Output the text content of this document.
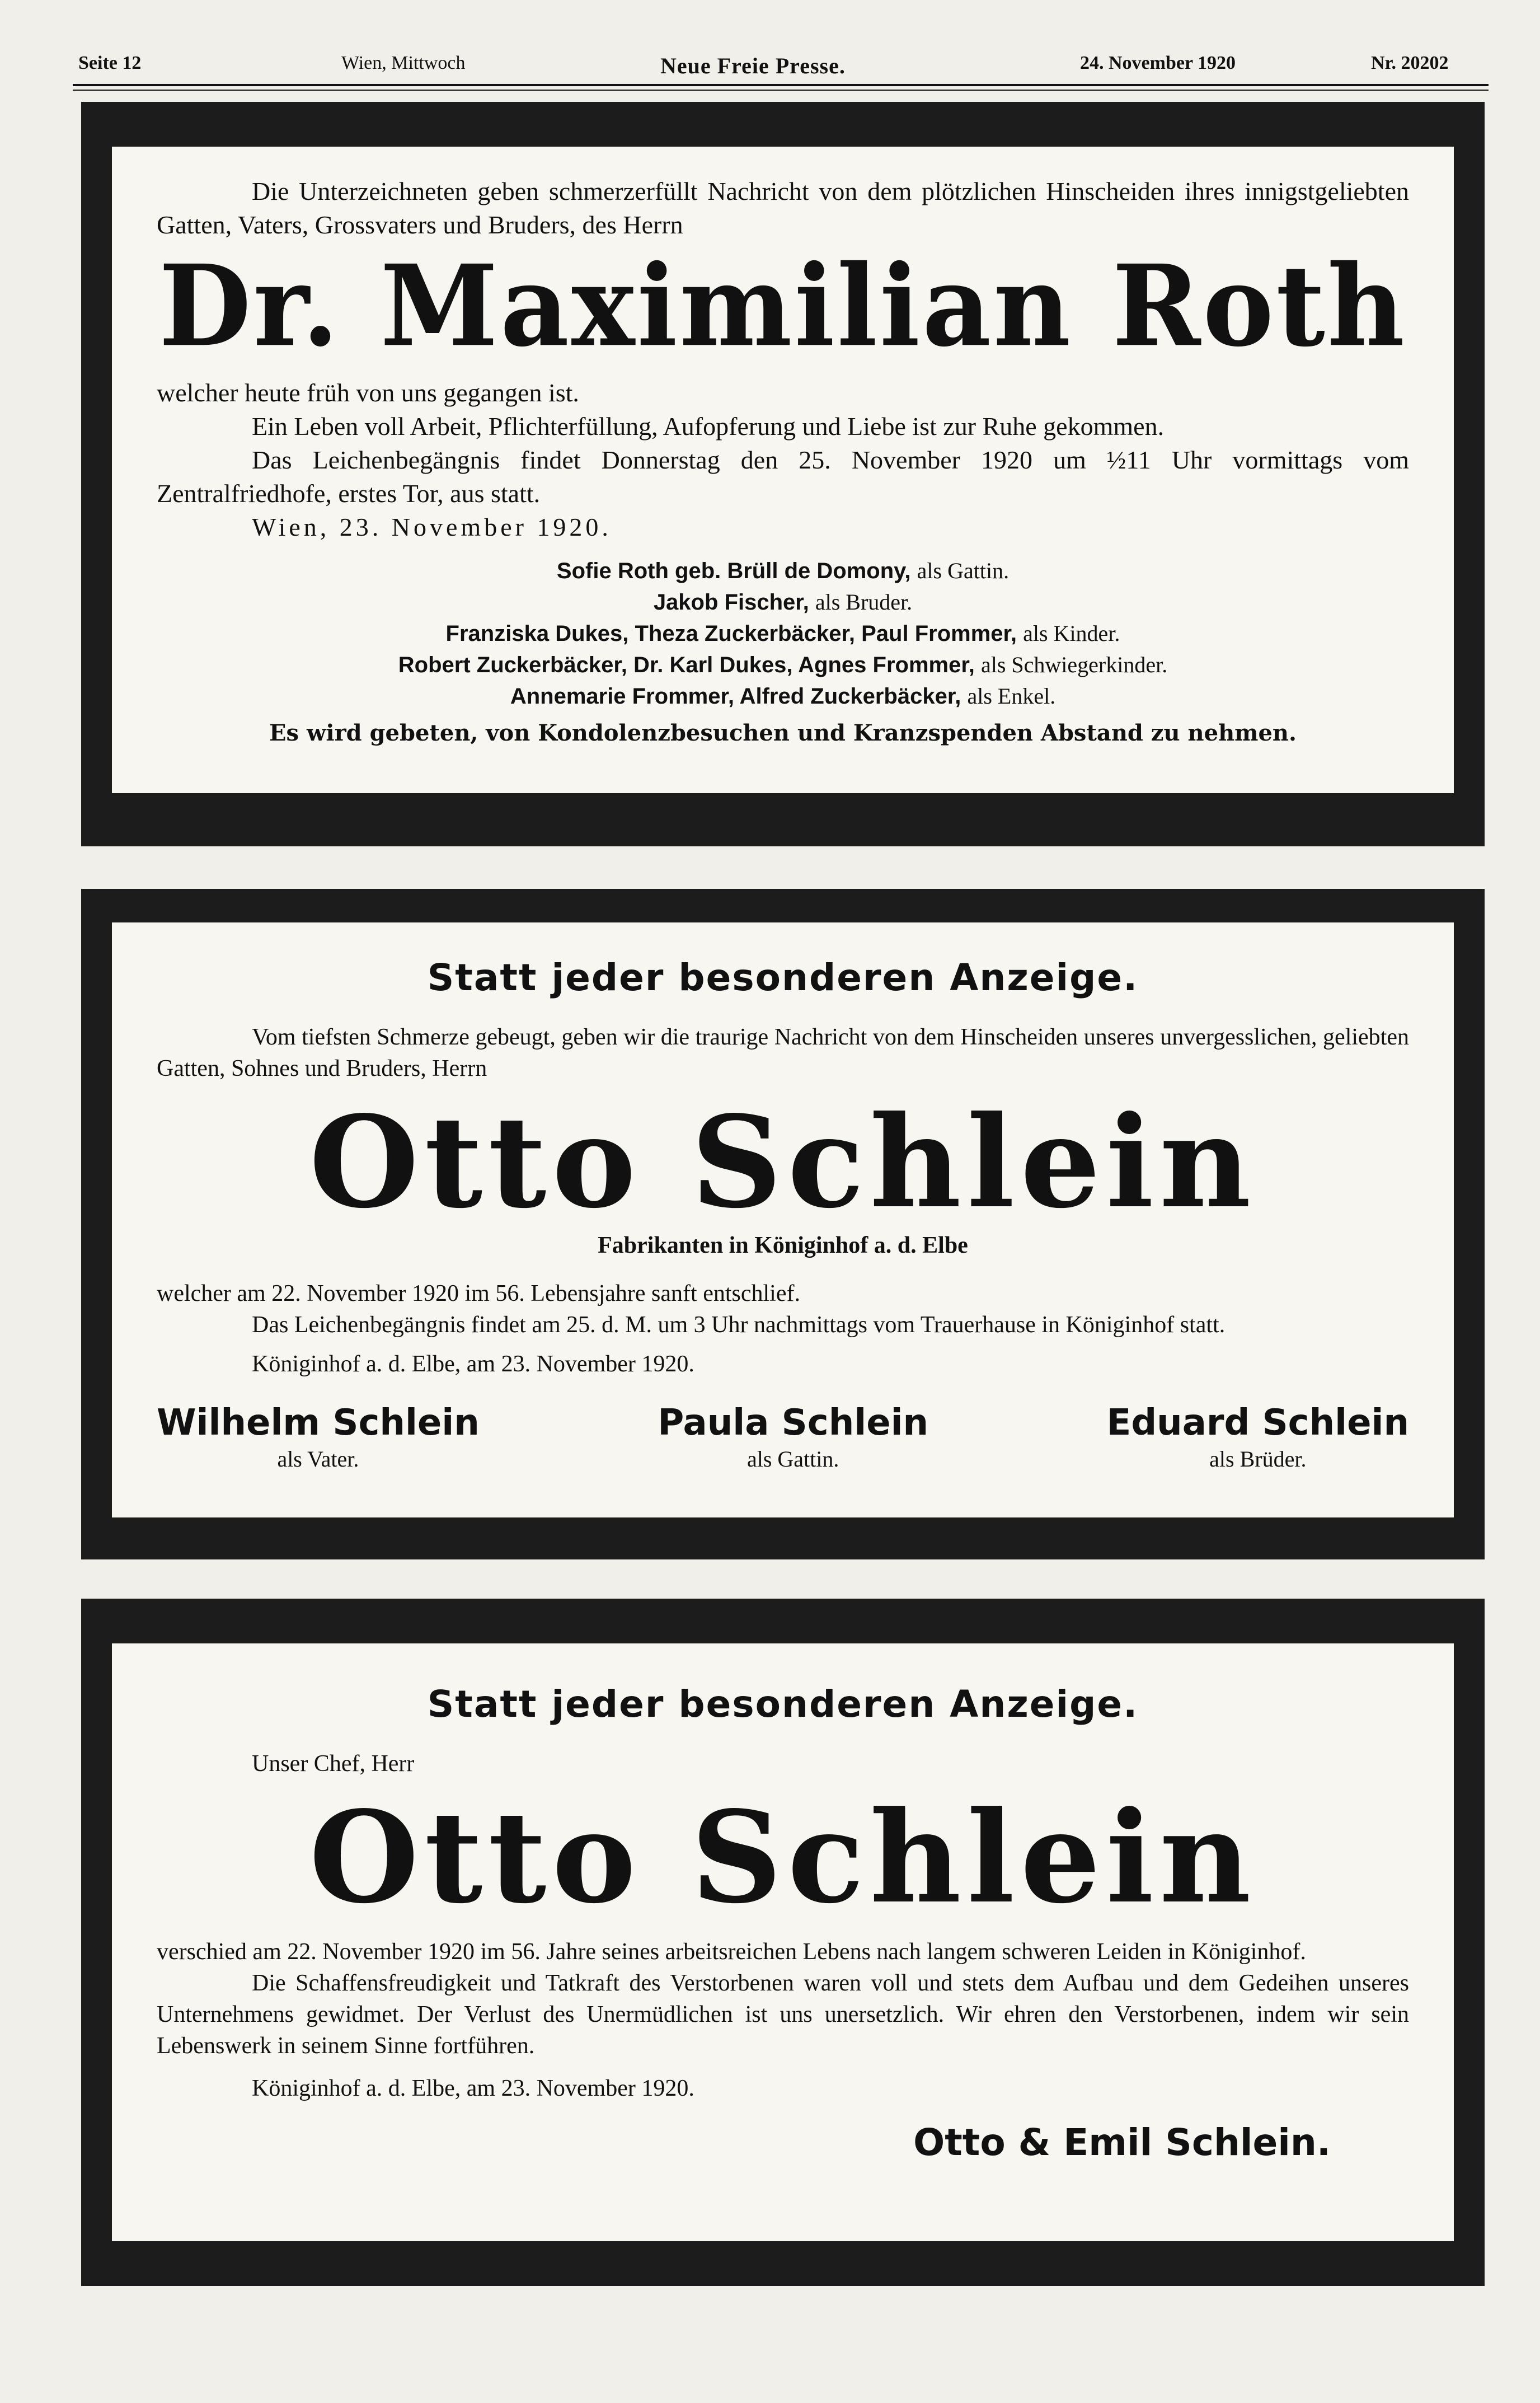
Seite 12	Wien, Mittwoch	Neue Freie Presse.	24. November 1920	Nr. 20202
Die Unterzeichneten geben schmerzerfüllt Nachricht von dem plötzlichen Hinscheiden ihres innigstgeliebten Gatten, Vaters, Grossvaters und Bruders, des Herrn
Dr. Maximilian Roth
welcher heute früh von uns gegangen ist.
Ein Leben voll Arbeit, Pflichterfüllung, Aufopferung und Liebe ist zur Ruhe gekommen.
Das Leichenbegängnis findet Donnerstag den 25. November 1920 um ½11 Uhr vormittags vom Zentralfriedhofe, erstes Tor, aus statt.
Wien, 23. November 1920.
Sofie Roth geb. Brüll de Domony, als Gattin.
Jakob Fischer, als Bruder.
Franziska Dukes, Theza Zuckerbäcker, Paul Frommer, als Kinder.
Robert Zuckerbäcker, Dr. Karl Dukes, Agnes Frommer, als Schwiegerkinder.
Annemarie Frommer, Alfred Zuckerbäcker, als Enkel.
Es wird gebeten, von Kondolenzbesuchen und Kranzspenden Abstand zu nehmen.
Statt jeder besonderen Anzeige.
Vom tiefsten Schmerze gebeugt, geben wir die traurige Nachricht von dem Hinscheiden unseres unvergesslichen, geliebten Gatten, Sohnes und Bruders, Herrn
Otto Schlein
Fabrikanten in Königinhof a. d. Elbe
welcher am 22. November 1920 im 56. Lebensjahre sanft entschlief.
Das Leichenbegängnis findet am 25. d. M. um 3 Uhr nachmittags vom Trauerhause in Königinhof statt.
Königinhof a. d. Elbe, am 23. November 1920.
Wilhelm Schlein
als Vater.
Paula Schlein
als Gattin.
Eduard Schlein
als Brüder.
Statt jeder besonderen Anzeige.
Unser Chef, Herr
Otto Schlein
verschied am 22. November 1920 im 56. Jahre seines arbeitsreichen Lebens nach langem schweren Leiden in Königinhof.
Die Schaffensfreudigkeit und Tatkraft des Verstorbenen waren voll und stets dem Aufbau und dem Gedeihen unseres Unternehmens gewidmet. Der Verlust des Unermüdlichen ist uns unersetzlich. Wir ehren den Verstorbenen, indem wir sein Lebenswerk in seinem Sinne fortführen.
Königinhof a. d. Elbe, am 23. November 1920.
Otto & Emil Schlein.
